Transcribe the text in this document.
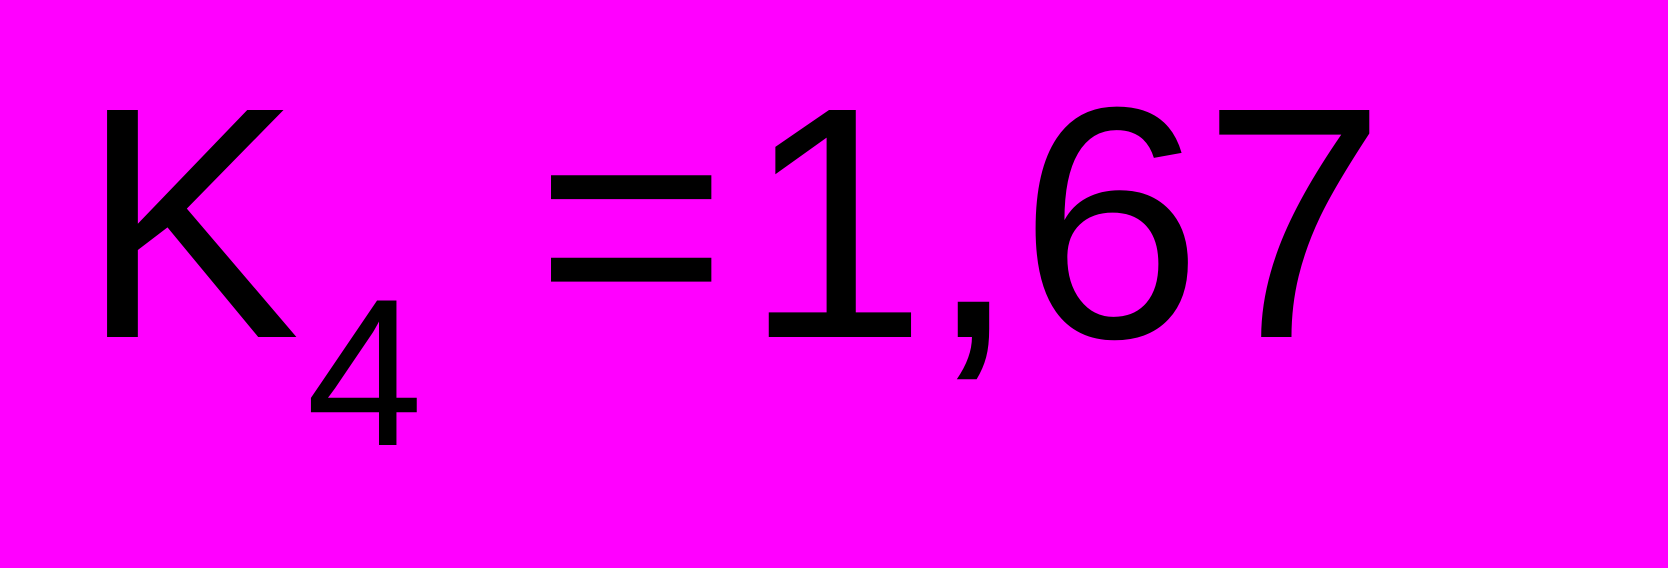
K 4 = 1,67
